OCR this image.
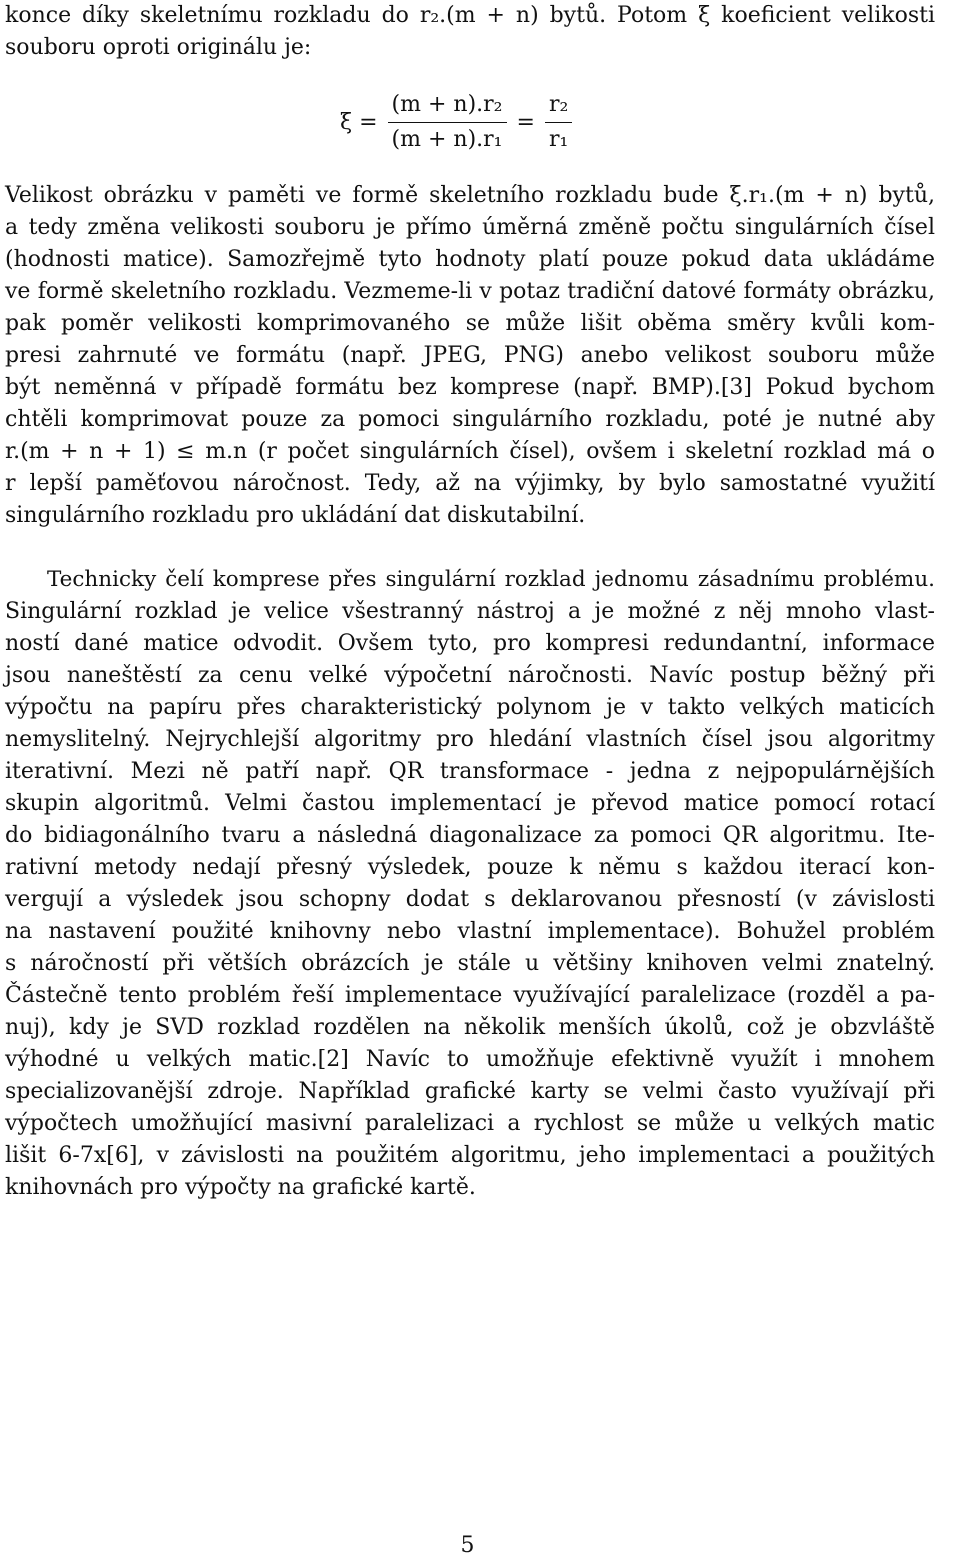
konce díky skeletnímu rozkladu do r₂.(m + n) bytů. Potom ξ koeficient velikosti
souboru oproti originálu je:
$\xi = \frac{\text{(m + n).r₂}}{\text{(m + n).r₁}} = \frac{\text{r₂}}{\text{r₁}}$
Velikost obrázku v paměti ve formě skeletního rozkladu bude ξ.r₁.(m + n) bytů,
a tedy změna velikosti souboru je přímo úměrná změně počtu singulárních čísel
(hodnosti matice). Samozřejmě tyto hodnoty platí pouze pokud data ukládáme
ve formě skeletního rozkladu. Vezmeme-li v potaz tradiční datové formáty obrázku,
pak poměr velikosti komprimovaného se může lišit oběma směry kvůli kom-
presi zahrnuté ve formátu (např. JPEG, PNG) anebo velikost souboru může
být neměnná v případě formátu bez komprese (např. BMP).[3] Pokud bychom
chtěli komprimovat pouze za pomoci singulárního rozkladu, poté je nutné aby
r.(m + n + 1) ≤ m.n (r počet singulárních čísel), ovšem i skeletní rozklad má o
r lepší paměťovou náročnost. Tedy, až na výjimky, by bylo samostatné využití
singulárního rozkladu pro ukládání dat diskutabilní.
Technicky čelí komprese přes singulární rozklad jednomu zásadnímu problému.
Singulární rozklad je velice všestranný nástroj a je možné z něj mnoho vlast-
ností dané matice odvodit. Ovšem tyto, pro kompresi redundantní, informace
jsou naneštěstí za cenu velké výpočetní náročnosti. Navíc postup běžný při
výpočtu na papíru přes charakteristický polynom je v takto velkých maticích
nemyslitelný. Nejrychlejší algoritmy pro hledání vlastních čísel jsou algoritmy
iterativní. Mezi ně patří např. QR transformace - jedna z nejpopulárnějších
skupin algoritmů. Velmi častou implementací je převod matice pomocí rotací
do bidiagonálního tvaru a následná diagonalizace za pomoci QR algoritmu. Ite-
rativní metody nedají přesný výsledek, pouze k němu s každou iterací kon-
vergují a výsledek jsou schopny dodat s deklarovanou přesností (v závislosti
na nastavení použité knihovny nebo vlastní implementace). Bohužel problém
s náročností při větších obrázcích je stále u většiny knihoven velmi znatelný.
Částečně tento problém řeší implementace využívající paralelizace (rozděl a pa-
nuj), kdy je SVD rozklad rozdělen na několik menších úkolů, což je obzvláště
výhodné u velkých matic.[2] Navíc to umožňuje efektivně využít i mnohem
specializovanější zdroje. Například grafické karty se velmi často využívají při
výpočtech umožňující masivní paralelizaci a rychlost se může u velkých matic
lišit 6-7x[6], v závislosti na použitém algoritmu, jeho implementaci a použitých
knihovnách pro výpočty na grafické kartě.
5
